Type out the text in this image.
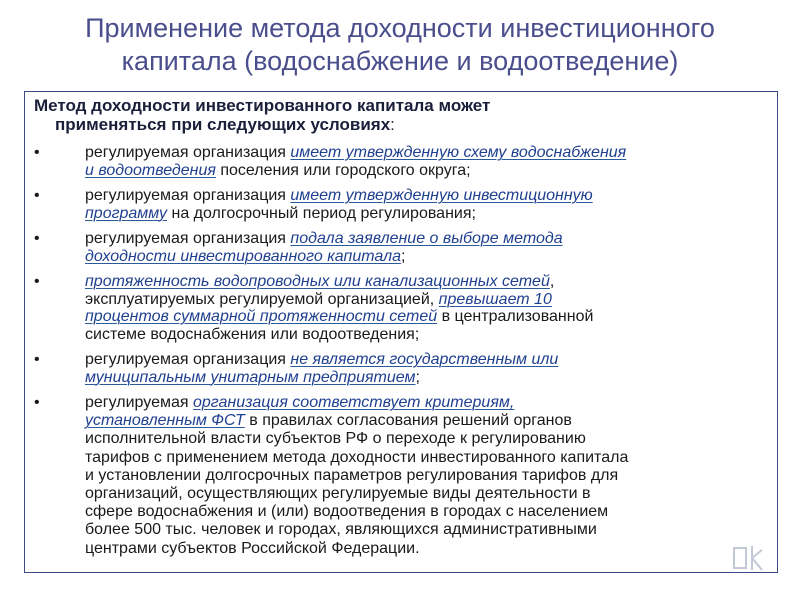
Применение метода доходности инвестиционного
капитала (водоснабжение и водоотведение)
Метод доходности инвестированного капитала может
применяться при следующих условиях:
•	регулируемая организация имеет утвержденную схему водоснабжения
и водоотведения поселения или городского округа;
•	регулируемая организация имеет утвержденную инвестиционную
программу на долгосрочный период регулирования;
•	регулируемая организация подала заявление о выборе метода
доходности инвестированного капитала;
•	протяженность водопроводных или канализационных сетей,
эксплуатируемых регулируемой организацией, превышает 10
процентов суммарной протяженности сетей в централизованной
системе водоснабжения или водоотведения;
•	регулируемая организация не является государственным или
муниципальным унитарным предприятием;
•	регулируемая организация соответствует критериям,
установленным ФСТ в правилах согласования решений органов
исполнительной власти субъектов РФ о переходе к регулированию
тарифов с применением метода доходности инвестированного капитала
и установлении долгосрочных параметров регулирования тарифов для
организаций, осуществляющих регулируемые виды деятельности в
сфере водоснабжения и (или) водоотведения в городах с населением
более 500 тыс. человек и городах, являющихся административными
центрами субъектов Российской Федерации.
